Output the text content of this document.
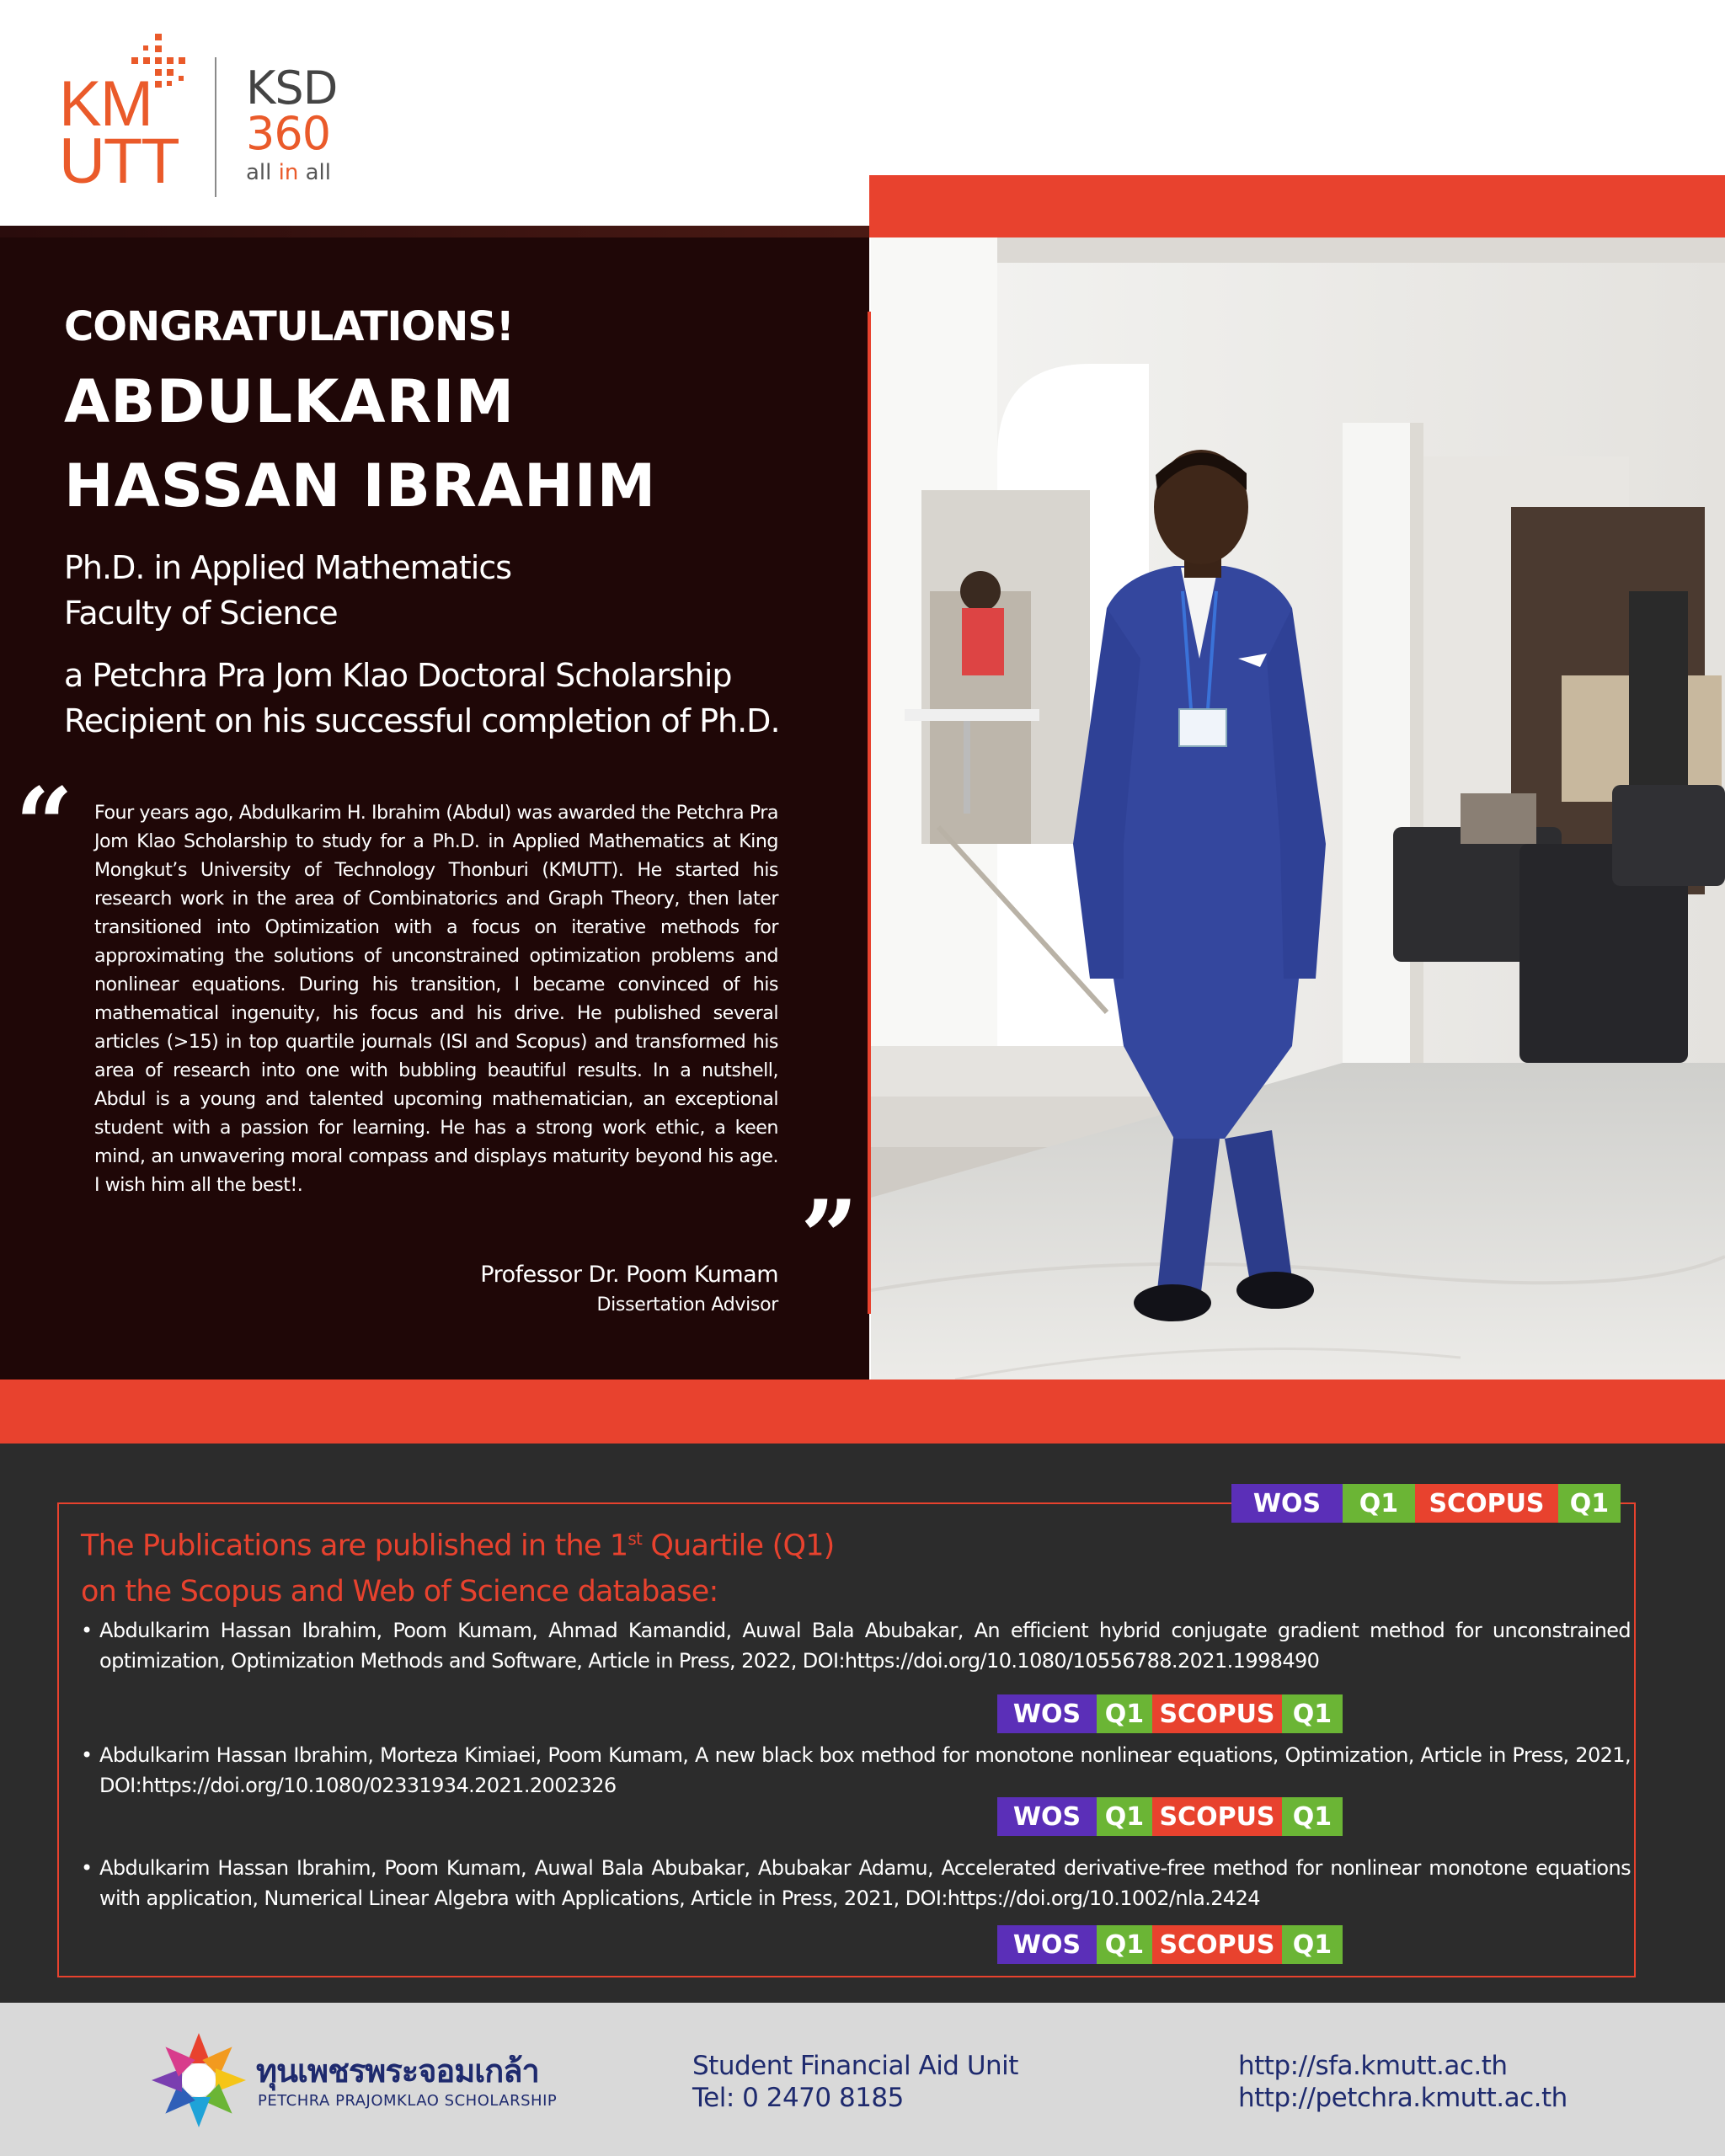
KM
UTT
KSD
360
all in all
CONGRATULATIONS!
ABDULKARIM
HASSAN IBRAHIM
Ph.D. in Applied Mathematics
Faculty of Science
a Petchra Pra Jom Klao Doctoral Scholarship
Recipient on his successful completion of Ph.D.
“ Four years ago, Abdulkarim H. Ibrahim (Abdul) was awarded the Petchra Pra Jom Klao Scholarship to study for a Ph.D. in Applied Mathematics at King Mongkut’s University of Technology Thonburi (KMUTT). He started his research work in the area of Combinatorics and Graph Theory, then later transitioned into Optimization with a focus on iterative methods for approximating the solutions of unconstrained optimization problems and nonlinear equations. During his transition, I became convinced of his mathematical ingenuity, his focus and his drive. He published several articles (>15) in top quartile journals (ISI and Scopus) and transformed his area of research into one with bubbling beautiful results. In a nutshell, Abdul is a young and talented upcoming mathematician, an exceptional student with a passion for learning. He has a strong work ethic, a keen mind, an unwavering moral compass and displays maturity beyond his age. I wish him all the best!.	”
Professor Dr. Poom Kumam
Dissertation Advisor
WOS	Q1	SCOPUS	Q1
The Publications are published in the 1st Quartile (Q1)
on the Scopus and Web of Science database:
• Abdulkarim Hassan Ibrahim, Poom Kumam, Ahmad Kamandid, Auwal Bala Abubakar, An efficient hybrid conjugate gradient method for unconstrained optimization, Optimization Methods and Software, Article in Press, 2022, DOI:https://doi.org/10.1080/10556788.2021.1998490
WOS Q1 SCOPUS Q1
• Abdulkarim Hassan Ibrahim, Morteza Kimiaei, Poom Kumam, A new black box method for monotone nonlinear equations, Optimization, Article in Press, 2021, DOI:https://doi.org/10.1080/02331934.2021.2002326
WOS Q1 SCOPUS Q1
• Abdulkarim Hassan Ibrahim, Poom Kumam, Auwal Bala Abubakar, Abubakar Adamu, Accelerated derivative-free method for nonlinear monotone equations with application, Numerical Linear Algebra with Applications, Article in Press, 2021, DOI:https://doi.org/10.1002/nla.2424
WOS Q1 SCOPUS Q1
ทุนเพชรพระจอมเกล้า
PETCHRA PRAJOMKLAO SCHOLARSHIP
Student Financial Aid Unit
Tel: 0 2470 8185
http://sfa.kmutt.ac.th
http://petchra.kmutt.ac.th
